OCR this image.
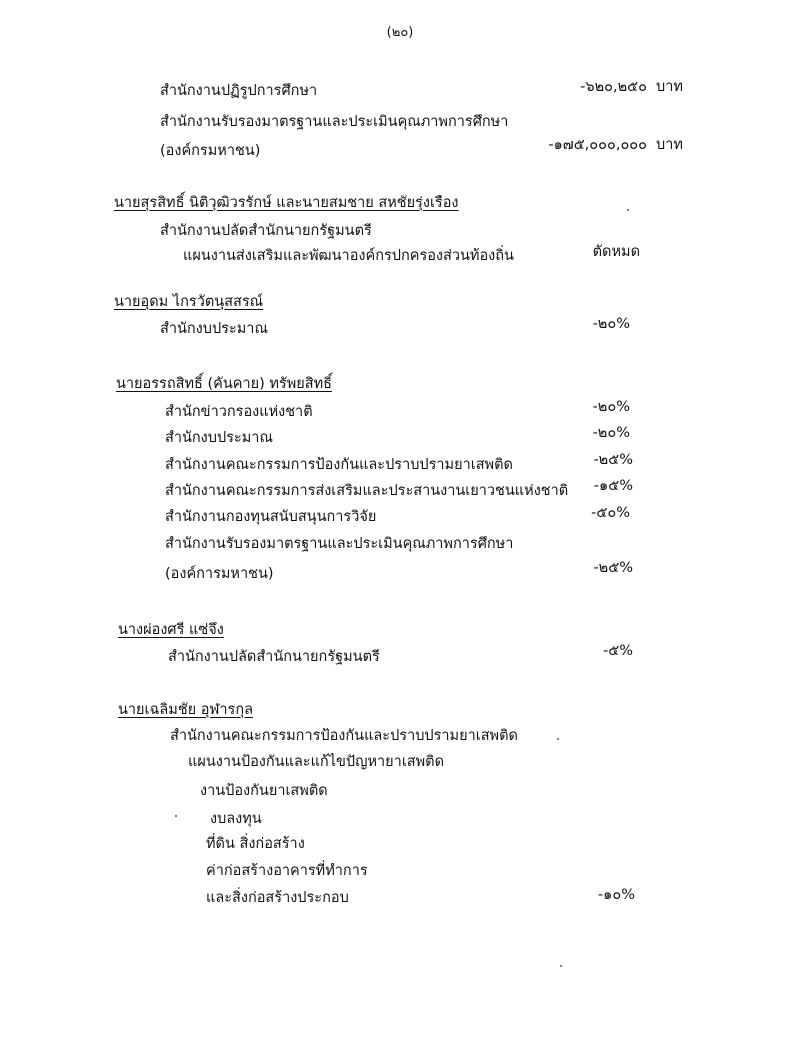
(๒๐)
สำนักงานปฏิรูปการศึกษา	-๖๒๐,๒๕๐ บาท
สำนักงานรับรองมาตรฐานและประเมินคุณภาพการศึกษา
(องค์กรมหาชน)	-๑๗๕,๐๐๐,๐๐๐ บาท
นายสุรสิทธิ์ นิติวุฒิวรรักษ์ และนายสมชาย สหชัยรุ่งเรือง
สำนักงานปลัดสำนักนายกรัฐมนตรี
แผนงานส่งเสริมและพัฒนาองค์กรปกครองส่วนท้องถิ่น	ตัดหมด
นายอุดม ไกรวัตนุสสรณ์
สำนักงบประมาณ	-๒๐%
นายอรรถสิทธิ์ (คันคาย) ทรัพยสิทธิ์
สำนักข่าวกรองแห่งชาติ	-๒๐%
สำนักงบประมาณ	-๒๐%
สำนักงานคณะกรรมการป้องกันและปราบปรามยาเสพติด	-๒๕%
สำนักงานคณะกรรมการส่งเสริมและประสานงานเยาวชนแห่งชาติ -๑๕%
สำนักงานกองทุนสนับสนุนการวิจัย	-๕๐%
สำนักงานรับรองมาตรฐานและประเมินคุณภาพการศึกษา
(องค์การมหาชน)	-๒๕%
นางผ่องศรี แซ่จึง
สำนักงานปลัดสำนักนายกรัฐมนตรี	-๕%
นายเฉลิมชัย อุฬารกุล
สำนักงานคณะกรรมการป้องกันและปราบปรามยาเสพติด
แผนงานป้องกันและแก้ไขปัญหายาเสพติด
งานป้องกันยาเสพติด
งบลงทุน
ที่ดิน สิ่งก่อสร้าง
ค่าก่อสร้างอาคารที่ทำการ
และสิ่งก่อสร้างประกอบ	-๑๐%
